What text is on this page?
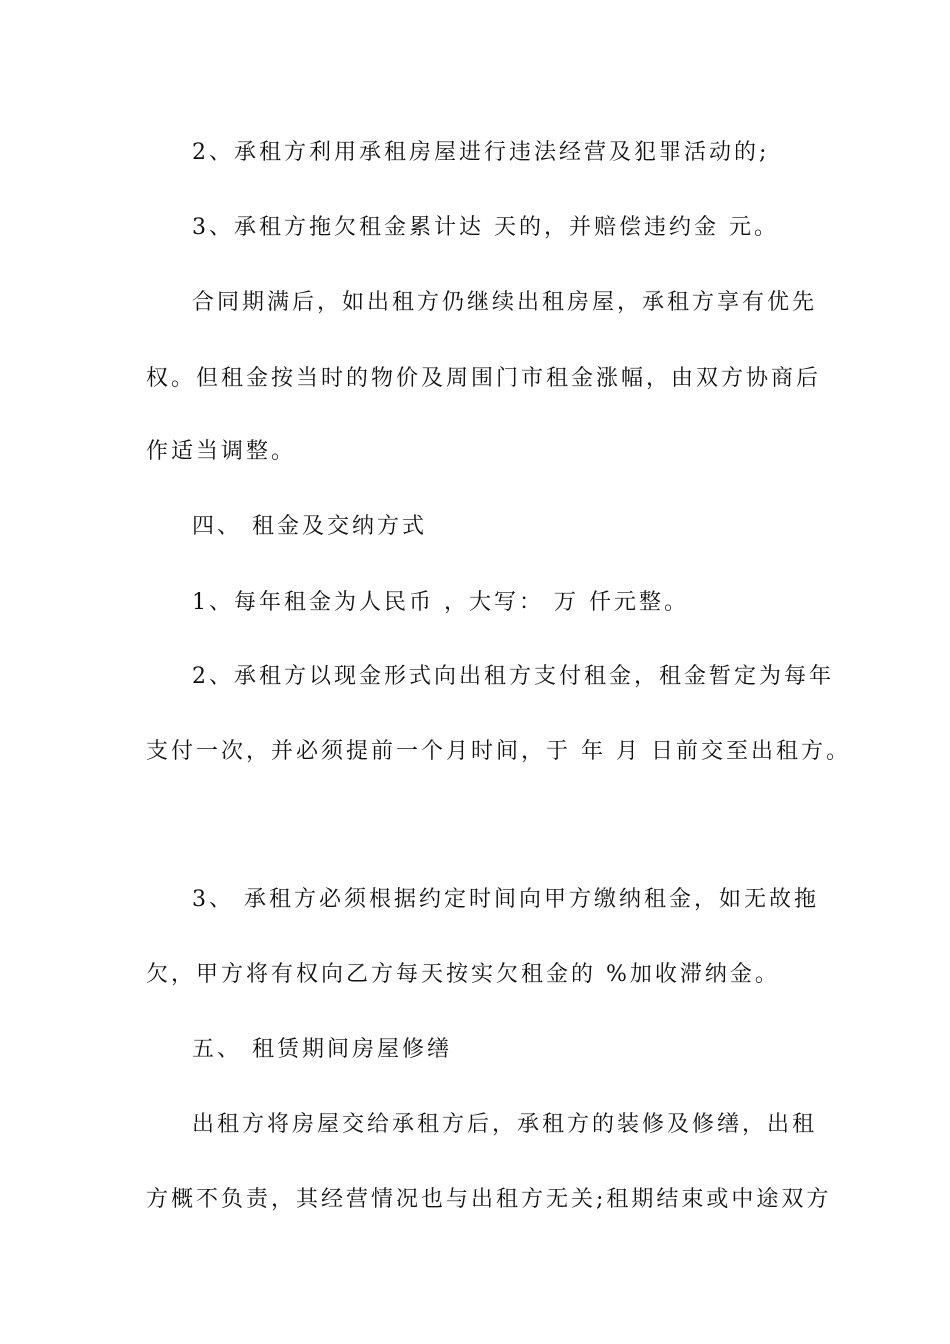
2、承租方利用承租房屋进行违法经营及犯罪活动的;
3、承租方拖欠租金累计达 天的，并赔偿违约金 元。
合同期满后，如出租方仍继续出租房屋，承租方享有优先
权。但租金按当时的物价及周围门市租金涨幅，由双方协商后
作适当调整。
四、 租金及交纳方式
1、每年租金为人民币 ，大写： 万 仟元整。
2、承租方以现金形式向出租方支付租金，租金暂定为每年
支付一次，并必须提前一个月时间，于 年 月 日前交至出租方。
3、 承租方必须根据约定时间向甲方缴纳租金，如无故拖
欠，甲方将有权向乙方每天按实欠租金的 %加收滞纳金。
五、 租赁期间房屋修缮
出租方将房屋交给承租方后，承租方的装修及修缮，出租
方概不负责，其经营情况也与出租方无关;租期结束或中途双方
